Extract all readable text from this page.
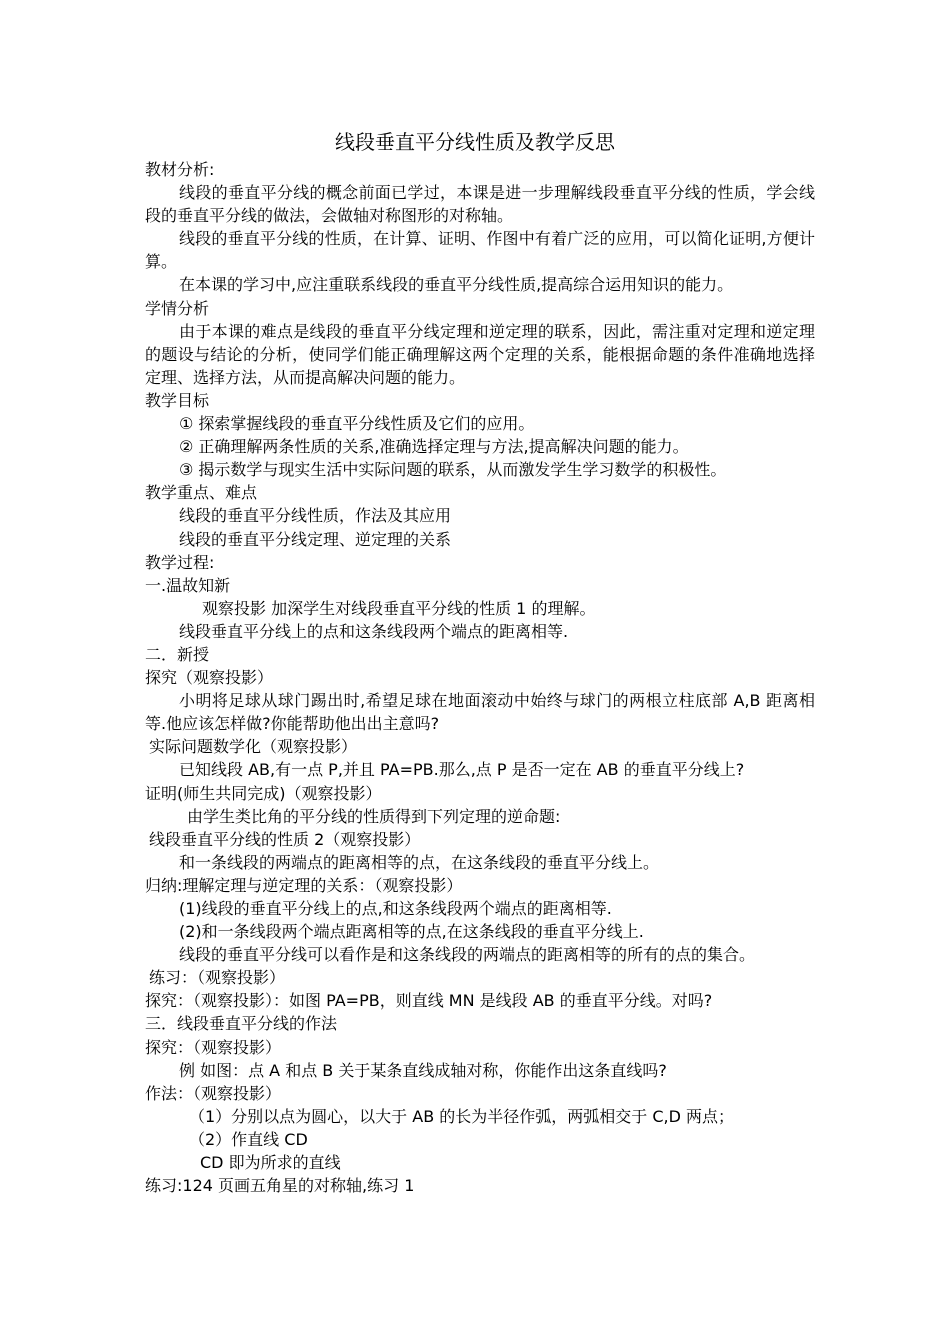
线段垂直平分线性质及教学反思

教材分析:

线段的垂直平分线的概念前面已学过，本课是进一步理解线段垂直平分线的性质，学会线段的垂直平分线的做法，会做轴对称图形的对称轴。

线段的垂直平分线的性质，在计算、证明、作图中有着广泛的应用，可以简化证明,方便计算。

在本课的学习中,应注重联系线段的垂直平分线性质,提高综合运用知识的能力。

学情分析

由于本课的难点是线段的垂直平分线定理和逆定理的联系，因此，需注重对定理和逆定理的题设与结论的分析，使同学们能正确理解这两个定理的关系，能根据命题的条件准确地选择定理、选择方法，从而提高解决问题的能力。

教学目标

① 探索掌握线段的垂直平分线性质及它们的应用。

② 正确理解两条性质的关系,准确选择定理与方法,提高解决问题的能力。

③ 揭示数学与现实生活中实际问题的联系，从而激发学生学习数学的积极性。

教学重点、难点

线段的垂直平分线性质，作法及其应用

线段的垂直平分线定理、逆定理的关系

教学过程:

一.温故知新

观察投影 加深学生对线段垂直平分线的性质 1 的理解。

线段垂直平分线上的点和这条线段两个端点的距离相等.

二．新授

探究（观察投影）

小明将足球从球门踢出时,希望足球在地面滚动中始终与球门的两根立柱底部 A,B 距离相等.他应该怎样做?你能帮助他出出主意吗?

实际问题数学化（观察投影）

已知线段 AB,有一点 P,并且 PA=PB.那么,点 P 是否一定在 AB 的垂直平分线上?

证明(师生共同完成)（观察投影）

由学生类比角的平分线的性质得到下列定理的逆命题:

线段垂直平分线的性质 2（观察投影）

和一条线段的两端点的距离相等的点，在这条线段的垂直平分线上。

归纳:理解定理与逆定理的关系：（观察投影）

(1)线段的垂直平分线上的点,和这条线段两个端点的距离相等.

(2)和一条线段两个端点距离相等的点,在这条线段的垂直平分线上.

线段的垂直平分线可以看作是和这条线段的两端点的距离相等的所有的点的集合。

练习：（观察投影）

探究：（观察投影）：如图 PA=PB，则直线 MN 是线段 AB 的垂直平分线。对吗?

三．线段垂直平分线的作法

探究：（观察投影）

例 如图：点 A 和点 B 关于某条直线成轴对称，你能作出这条直线吗?

作法：（观察投影）

（1）分别以点为圆心，以大于 AB 的长为半径作弧，两弧相交于 C,D 两点；

（2）作直线 CD

CD 即为所求的直线

练习:124 页画五角星的对称轴,练习 1
